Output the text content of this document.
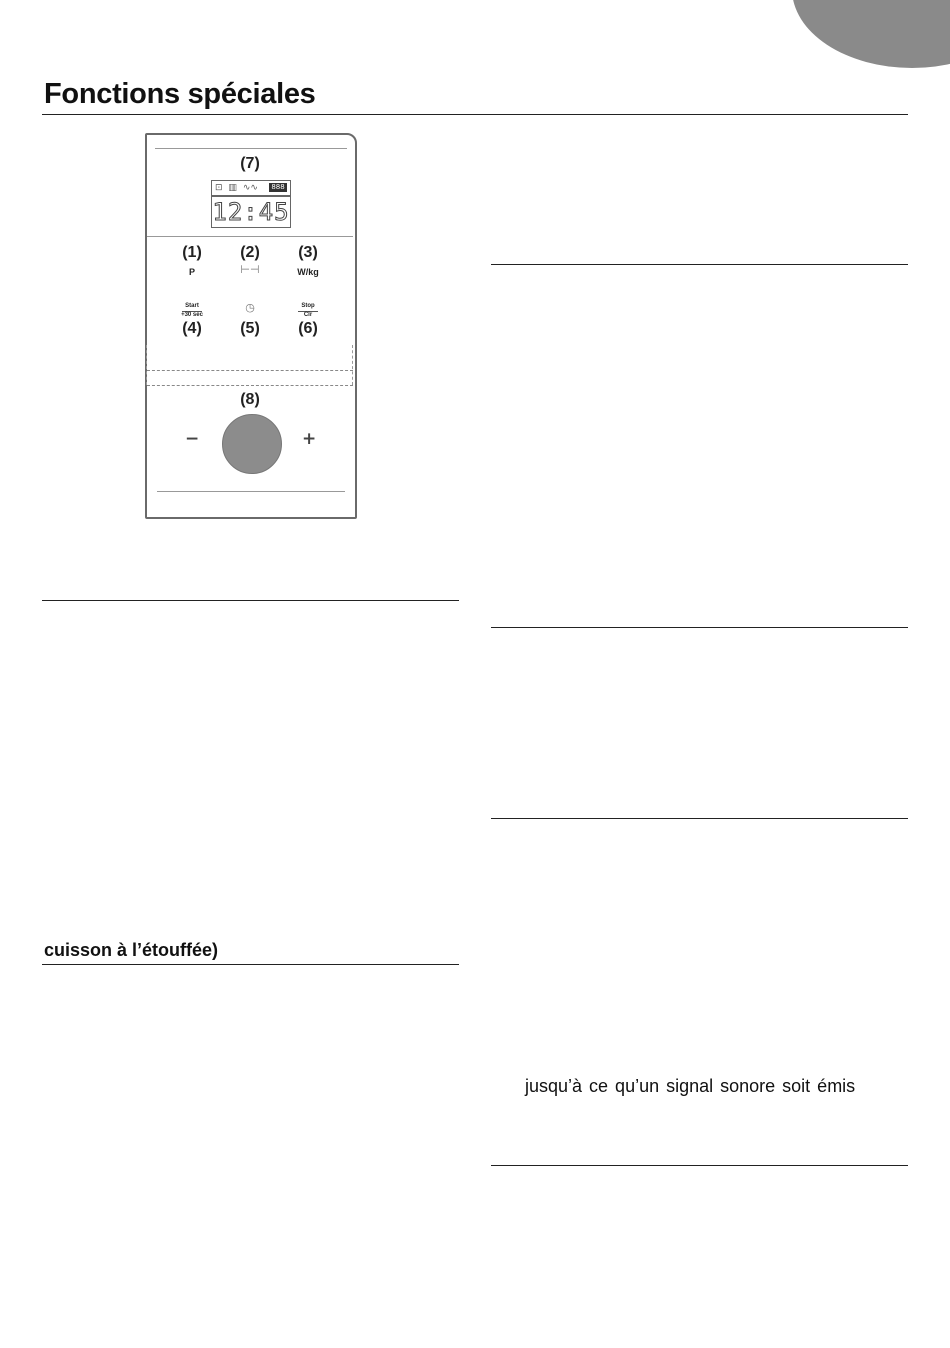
Fonctions spéciales
(7)
⊡ ▥ ∿∿	888
12:45
(1)	(2)	(3)
P	⊢⊣	W/kg
Start
+30 sec
◷	Stop
Clr
(4)	(5)	(6)
(8)
−	+
cuisson à l’étouffée)

jusqu’à ce qu’un signal sonore soit émis
